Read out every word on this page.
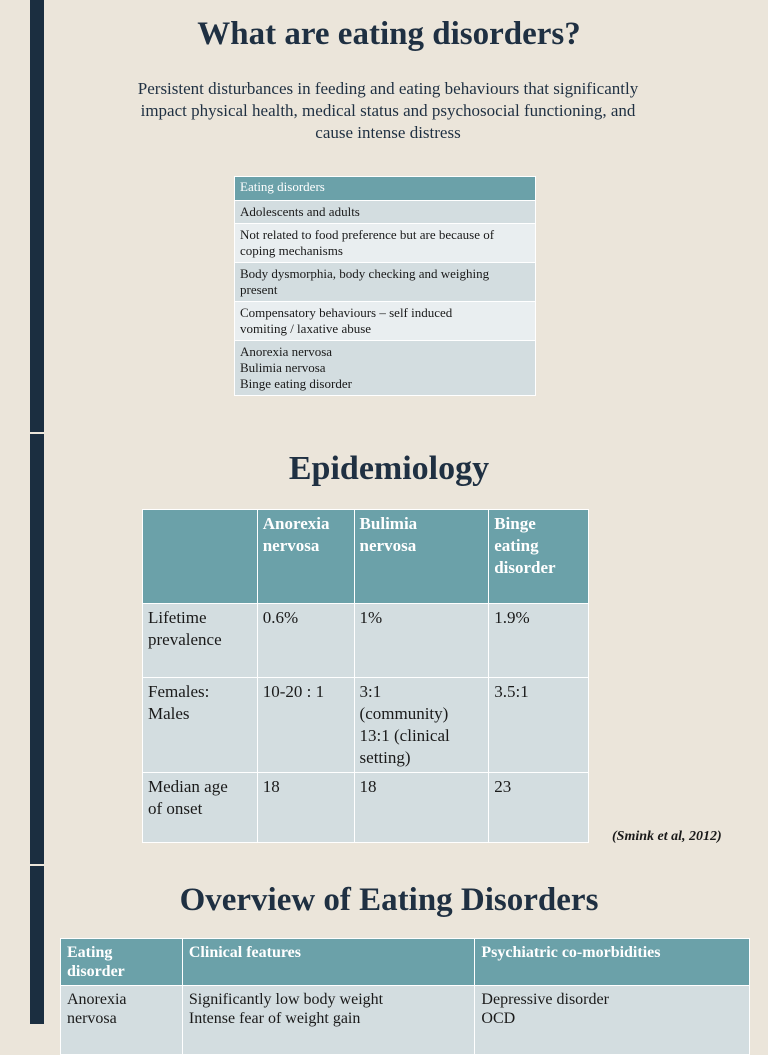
What are eating disorders?
Persistent disturbances in feeding and eating behaviours that significantly
impact physical health, medical status and psychosocial functioning, and
cause intense distress
Eating disorders

Adolescents and adults

Not related to food preference but are because of
coping mechanisms

Body dysmorphia, body checking and weighing
present

Compensatory behaviours – self induced
vomiting / laxative abuse

Anorexia nervosa
Bulimia nervosa
Binge eating disorder
Epidemiology

	Anorexia
nervosa	Bulimia
nervosa	Binge
eating
disorder

Lifetime
prevalence	0.6%	1%	1.9%

Females:
Males	10-20 : 1	3:1
(community)
13:1 (clinical
setting)	3.5:1

Median age
of onset	18	18	23
(Smink et al, 2012)
Overview of Eating Disorders
Eating
disorder	Clinical features	Psychiatric co-morbidities

Anorexia
nervosa	Significantly low body weight
Intense fear of weight gain	Depressive disorder
OCD
